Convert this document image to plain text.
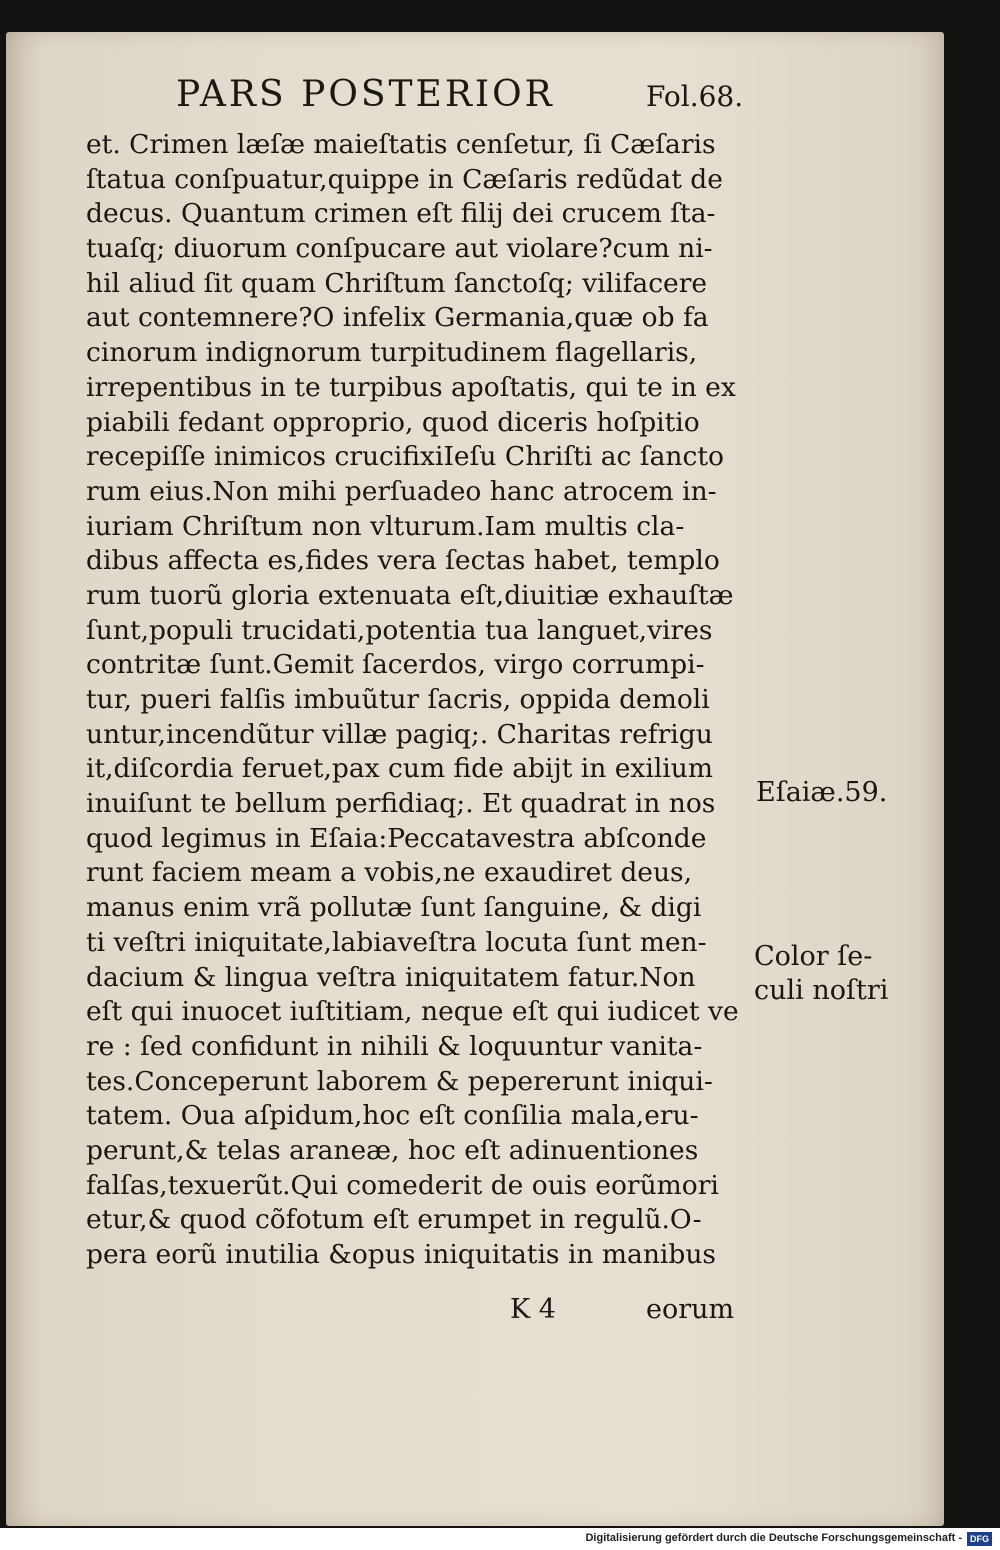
PARS POSTERIOR	Fol.68.
et. Crimen læſæ maieſtatis cenſetur, ſi Cæſaris
ſtatua conſpuatur,quippe in Cæſaris redũdat de
decus. Quantum crimen eſt filij dei crucem ſta-
tuaſq; diuorum conſpucare aut violare?cum ni-
hil aliud ſit quam Chriſtum ſanctoſq; vilifacere
aut contemnere?O infelix Germania,quæ ob fa
cinorum indignorum turpitudinem flagellaris,
irrepentibus in te turpibus apoſtatis, qui te in ex
piabili fedant opproprio, quod diceris hoſpitio
recepiſſe inimicos crucifixiIeſu Chriſti ac ſancto
rum eius.Non mihi perſuadeo hanc atrocem in-
iuriam Chriſtum non vlturum.Iam multis cla-
dibus affecta es,fides vera ſectas habet, templo
rum tuorũ gloria extenuata eſt,diuitiæ exhauſtæ
ſunt,populi trucidati,potentia tua languet,vires
contritæ ſunt.Gemit ſacerdos, virgo corrumpi-
tur, pueri falſis imbuũtur ſacris, oppida demoli
untur,incendũtur villæ pagiq;. Charitas refrigu
it,diſcordia feruet,pax cum fide abijt in exilium
inuiſunt te bellum perfidiaq;. Et quadrat in nos
quod legimus in Eſaia:Peccatavestra abſconde
runt faciem meam a vobis,ne exaudiret deus,
manus enim vrã pollutæ ſunt ſanguine, & digi
ti veſtri iniquitate,labiaveſtra locuta ſunt men-
dacium & lingua veſtra iniquitatem fatur.Non
eſt qui inuocet iuſtitiam, neque eſt qui iudicet ve
re : ſed confidunt in nihili & loquuntur vanita-
tes.Conceperunt laborem & pepererunt iniqui-
tatem. Oua aſpidum,hoc eſt conſilia mala,eru-
perunt,& telas araneæ, hoc eſt adinuentiones
falſas,texuerũt.Qui comederit de ouis eorũmori
etur,& quod cõfotum eſt erumpet in regulũ.O-
pera eorũ inutilia &opus iniquitatis in manibus
Eſaiæ.59.
Color ſe-
culi noſtri
K 4	eorum
Digitalisierung gefördert durch die Deutsche Forschungsgemeinschaft - DFG
